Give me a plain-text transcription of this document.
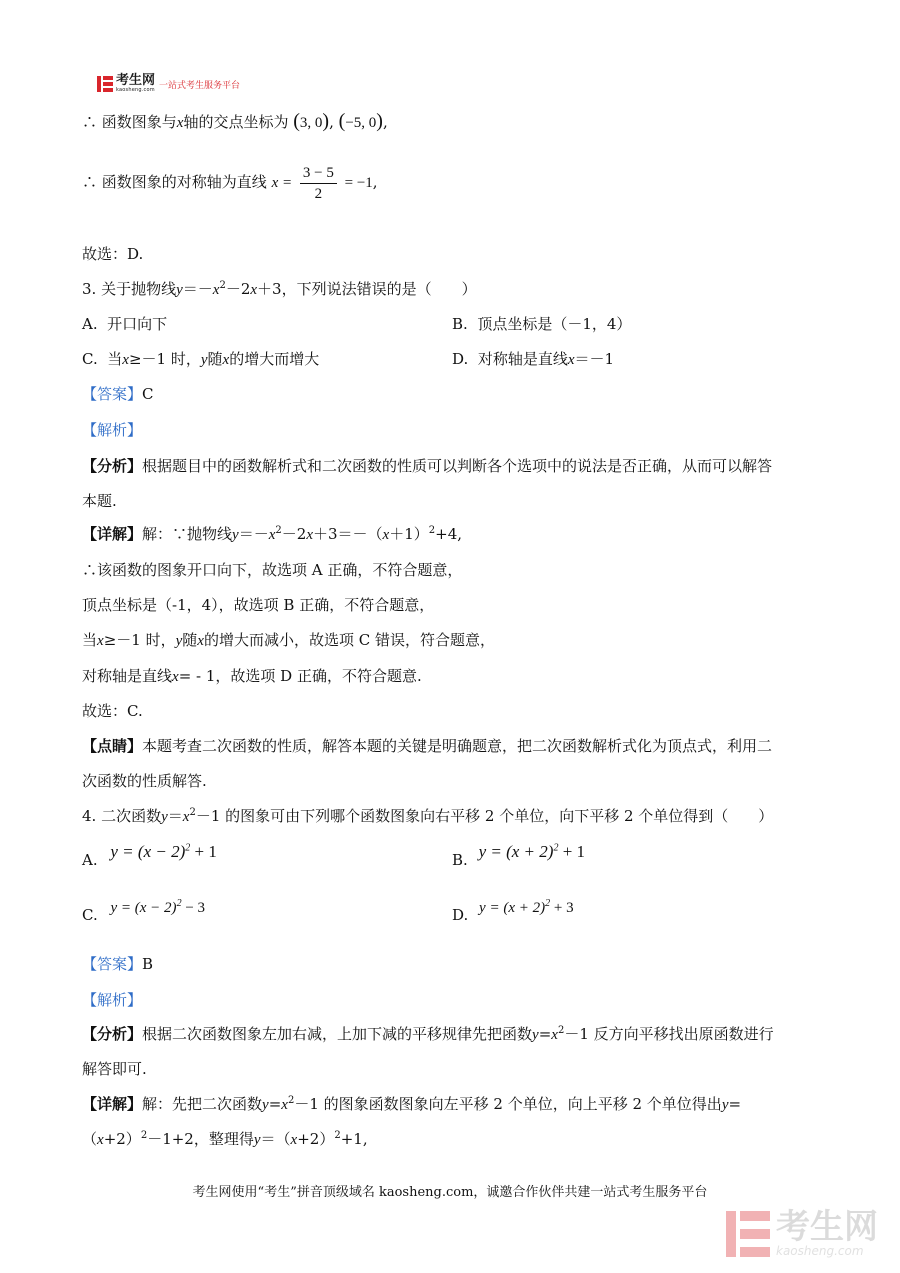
考生网
kaosheng.com 一站式考生服务平台
∴ 函数图象与x轴的交点坐标为 (3, 0), (−5, 0),
∴ 函数图象的对称轴为直线 $x = \frac{3 - 5}{2} = -1$,
故选：D.
3. 关于抛物线$y=-x^2-2x+3$，下列说法错误的是（　　）
A. 开口向下	B. 顶点坐标是（－1，4）
C. 当x≥－1 时，y随x的增大而增大	D. 对称轴是直线x＝－1
【答案】C
【解析】
【分析】根据题目中的函数解析式和二次函数的性质可以判断各个选项中的说法是否正确，从而可以解答
本题.
【详解】解：∵抛物线$y=-x^2-2x+3=-(x+1)^2+4$,
∴该函数的图象开口向下，故选项 A 正确，不符合题意，
顶点坐标是（-1，4），故选项 B 正确，不符合题意，
当x≥－1 时，y随x的增大而减小，故选项 C 错误，符合题意，
对称轴是直线x= - 1，故选项 D 正确，不符合题意.
故选：C.
【点睛】本题考查二次函数的性质，解答本题的关键是明确题意，把二次函数解析式化为顶点式，利用二
次函数的性质解答.
4. 二次函数$y=x^2-1$ 的图象可由下列哪个函数图象向右平移 2 个单位，向下平移 2 个单位得到（　　）
A. $y = (x - 2)^2 + 1$	B. $y = (x + 2)^2 + 1$
C. $y = (x - 2)^2 - 3$	D. $y = (x + 2)^2 + 3$
【答案】B
【解析】
【分析】根据二次函数图象左加右减，上加下减的平移规律先把函数$y=x^2-1$ 反方向平移找出原函数进行
解答即可.
【详解】解：先把二次函数$y=x^2-1$ 的图象函数图象向左平移 2 个单位，向上平移 2 个单位得出y=
$(x+2)^2-1+2$，整理得$y=(x+2)^2+1$,
考生网使用“考生”拼音顶级域名 kaosheng.com，诚邀合作伙伴共建一站式考生服务平台
考生网
kaosheng.com
